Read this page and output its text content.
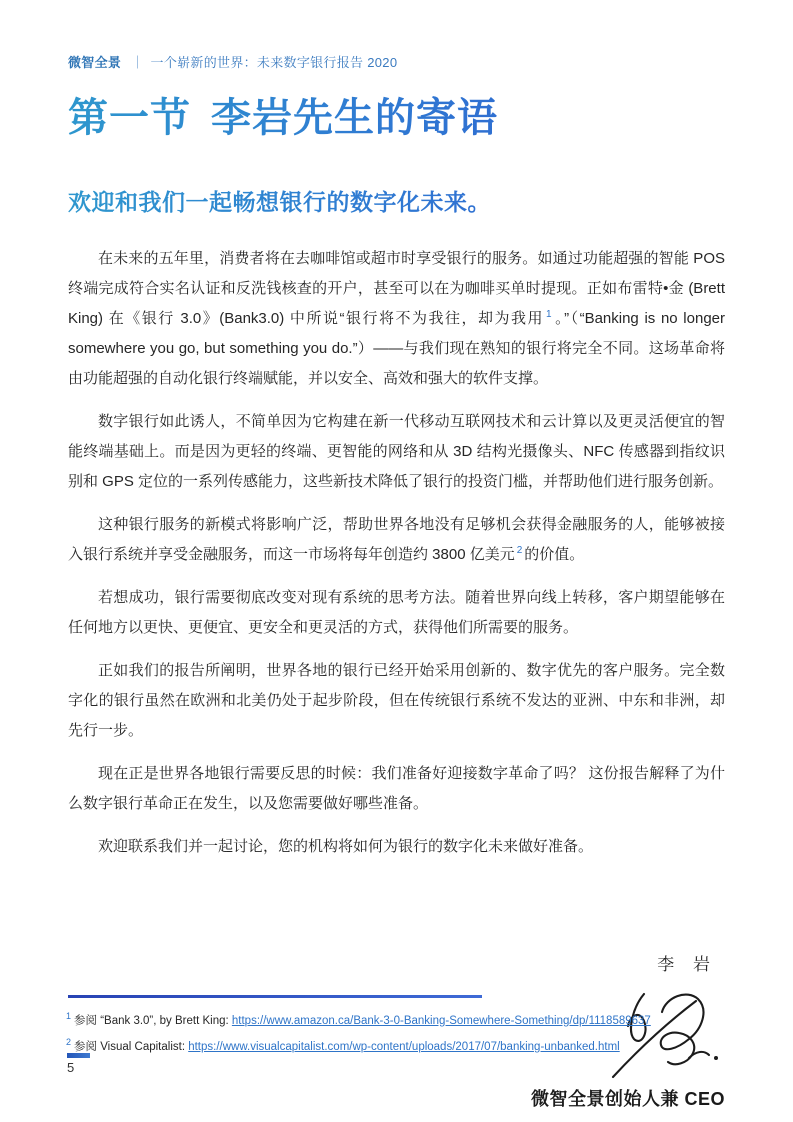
微智全景 ｜ 一个崭新的世界：未来数字银行报告 2020
第一节 李岩先生的寄语
欢迎和我们一起畅想银行的数字化未来。

在未来的五年里，消费者将在去咖啡馆或超市时享受银行的服务。如通过功能超强的智能 POS 终端完成符合实名认证和反洗钱核查的开户，甚至可以在为咖啡买单时提现。正如布雷特•金 (Brett King) 在《银行 3.0》(Bank3.0) 中所说“银行将不为我往，却为我用 $^1$ 。”（“Banking is no longer somewhere you go, but something you do.”）——与我们现在熟知的银行将完全不同。这场革命将由功能超强的自动化银行终端赋能，并以安全、高效和强大的软件支撑。

数字银行如此诱人，不简单因为它构建在新一代移动互联网技术和云计算以及更灵活便宜的智能终端基础上。而是因为更轻的终端、更智能的网络和从 3D 结构光摄像头、NFC 传感器到指纹识别和 GPS 定位的一系列传感能力，这些新技术降低了银行的投资门槛，并帮助他们进行服务创新。

这种银行服务的新模式将影响广泛，帮助世界各地没有足够机会获得金融服务的人，能够被接入银行系统并享受金融服务，而这一市场将每年创造约 3800 亿美元 $^2$ 的价值。

若想成功，银行需要彻底改变对现有系统的思考方法。随着世界向线上转移，客户期望能够在任何地方以更快、更便宜、更安全和更灵活的方式，获得他们所需要的服务。

正如我们的报告所阐明，世界各地的银行已经开始采用创新的、数字优先的客户服务。完全数字化的银行虽然在欧洲和北美仍处于起步阶段，但在传统银行系统不发达的亚洲、中东和非洲，却先行一步。

现在正是世界各地银行需要反思的时候：我们准备好迎接数字革命了吗？ 这份报告解释了为什么数字银行革命正在发生，以及您需要做好哪些准备。

欢迎联系我们并一起讨论，您的机构将如何为银行的数字化未来做好准备。

李 岩
微智全景创始人兼 CEO
$^1$ 参阅 “Bank 3.0”, by Brett King: https://www.amazon.ca/Bank-3-0-Banking-Somewhere-Something/dp/1118589637
$^2$ 参阅 Visual Capitalist: https://www.visualcapitalist.com/wp-content/uploads/2017/07/banking-unbanked.html
5
